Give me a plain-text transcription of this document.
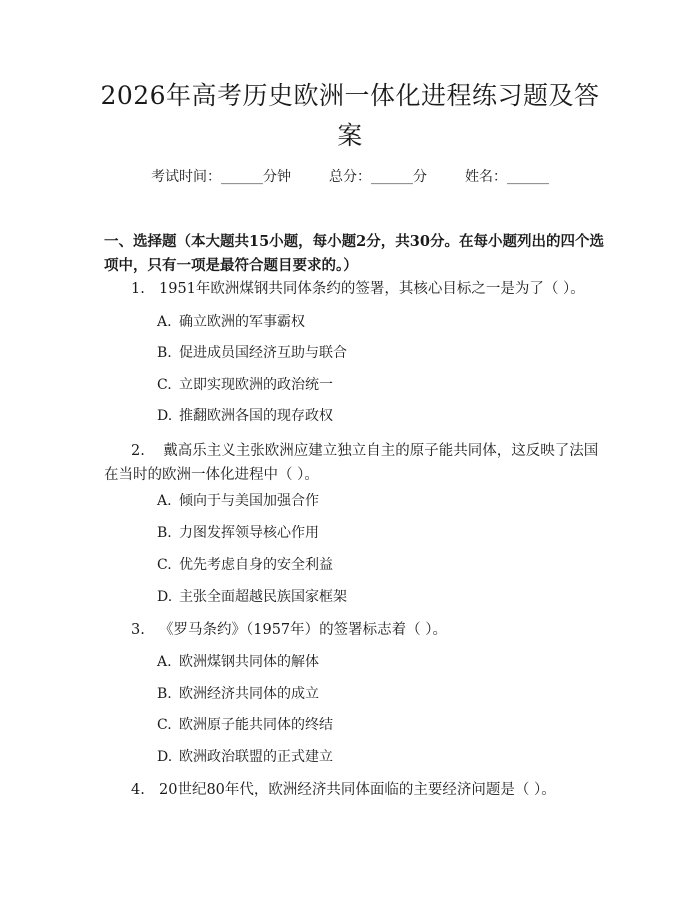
2026年高考历史欧洲一体化进程练习题及答案
考试时间：______分钟	总分：______分	姓名：______
一、选择题（本大题共15小题，每小题2分，共30分。在每小题列出的四个选项中，只有一项是最符合题目要求的。）
1. 1951年欧洲煤钢共同体条约的签署，其核心目标之一是为了（ ）。
A. 确立欧洲的军事霸权
B. 促进成员国经济互助与联合
C. 立即实现欧洲的政治统一
D. 推翻欧洲各国的现存政权
2. 戴高乐主义主张欧洲应建立独立自主的原子能共同体，这反映了法国在当时的欧洲一体化进程中（ ）。
A. 倾向于与美国加强合作
B. 力图发挥领导核心作用
C. 优先考虑自身的安全利益
D. 主张全面超越民族国家框架
3. 《罗马条约》（1957年）的签署标志着（ ）。
A. 欧洲煤钢共同体的解体
B. 欧洲经济共同体的成立
C. 欧洲原子能共同体的终结
D. 欧洲政治联盟的正式建立
4. 20世纪80年代，欧洲经济共同体面临的主要经济问题是（ ）。
